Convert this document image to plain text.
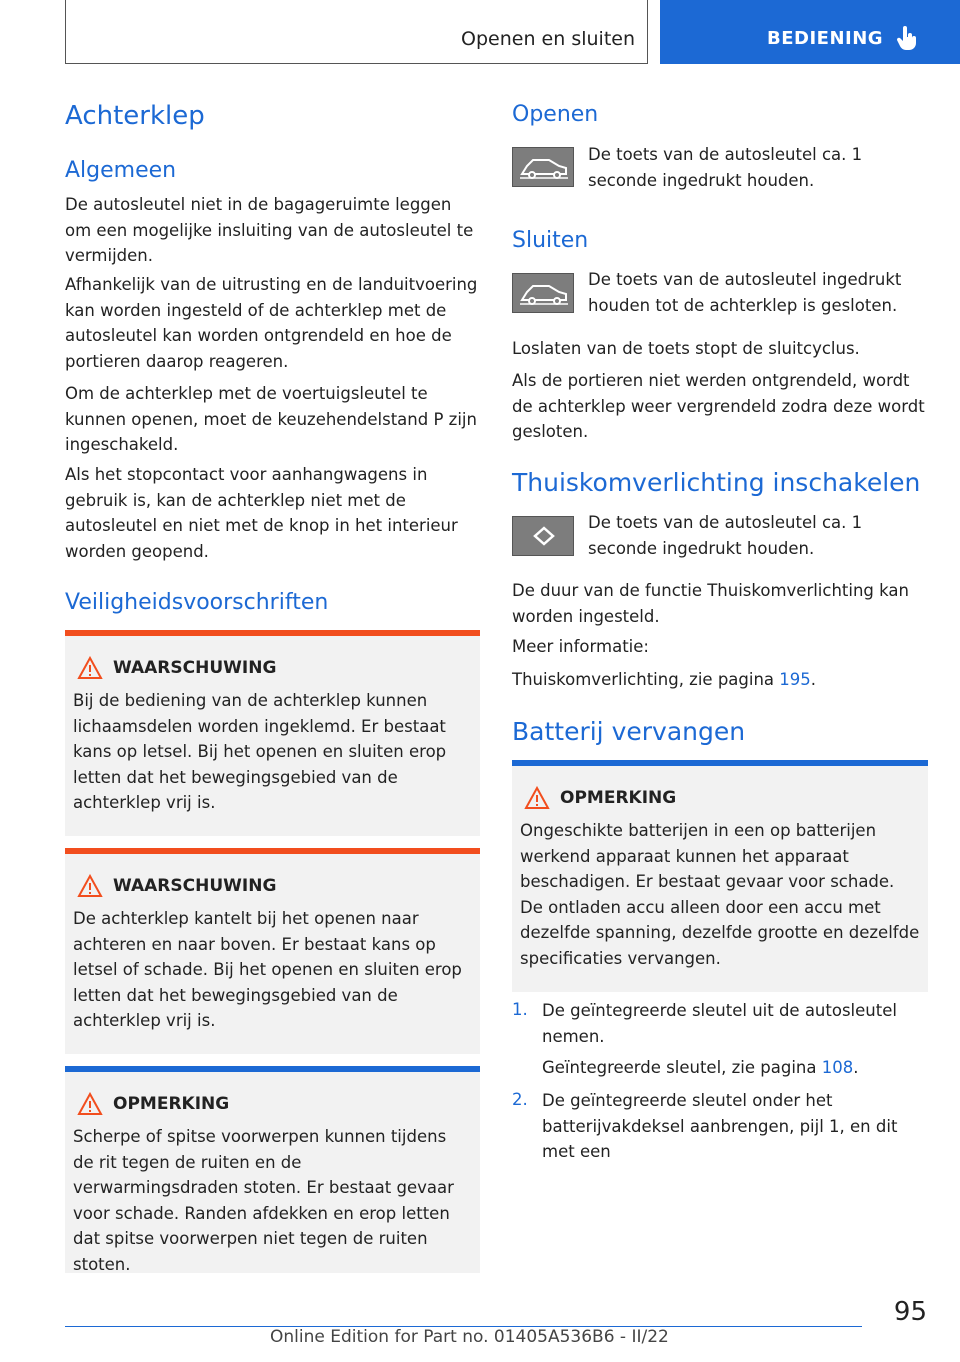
Openen en sluiten	BEDIENING
Achterklep
Algemeen

De autosleutel niet in de bagageruimte leggen om een mogelijke insluiting van de autosleutel te vermijden.

Afhankelijk van de uitrusting en de landuitvoering kan worden ingesteld of de achterklep met de autosleutel kan worden ontgrendeld en hoe de portieren daarop reageren.

Om de achterklep met de voertuigsleutel te kunnen openen, moet de keuzehendelstand P zijn ingeschakeld.

Als het stopcontact voor aanhangwagens in gebruik is, kan de achterklep niet met de autosleutel en niet met de knop in het interieur worden geopend.

Veiligheidsvoorschriften
WAARSCHUWING

Bij de bediening van de achterklep kunnen lichaamsdelen worden ingeklemd. Er bestaat kans op letsel. Bij het openen en sluiten erop letten dat het bewegingsgebied van de achterklep vrij is.

WAARSCHUWING

De achterklep kantelt bij het openen naar achteren en naar boven. Er bestaat kans op letsel of schade. Bij het openen en sluiten erop letten dat het bewegingsgebied van de achterklep vrij is.

OPMERKING

Scherpe of spitse voorwerpen kunnen tijdens de rit tegen de ruiten en de verwarmingsdraden stoten. Er bestaat gevaar voor schade. Randen afdekken en erop letten dat spitse voorwerpen niet tegen de ruiten stoten.

Openen

De toets van de autosleutel ca. 1 seconde ingedrukt houden.

Sluiten

De toets van de autosleutel ingedrukt houden tot de achterklep is gesloten.

Loslaten van de toets stopt de sluitcyclus.

Als de portieren niet werden ontgrendeld, wordt de achterklep weer vergrendeld zodra deze wordt gesloten.

Thuiskomverlichting inschakelen

De toets van de autosleutel ca. 1 seconde ingedrukt houden.

De duur van de functie Thuiskomverlichting kan worden ingesteld.

Meer informatie:

Thuiskomverlichting, zie pagina 195.

Batterij vervangen
OPMERKING

Ongeschikte batterijen in een op batterijen werkend apparaat kunnen het apparaat beschadigen. Er bestaat gevaar voor schade. De ontladen accu alleen door een accu met dezelfde spanning, dezelfde grootte en dezelfde specificaties vervangen.

1. De geïntegreerde sleutel uit de autosleutel nemen.

Geïntegreerde sleutel, zie pagina 108.

2. De geïntegreerde sleutel onder het batterijvakdeksel aanbrengen, pijl 1, en dit met een

95
Online Edition for Part no. 01405A536B6 - II/22
